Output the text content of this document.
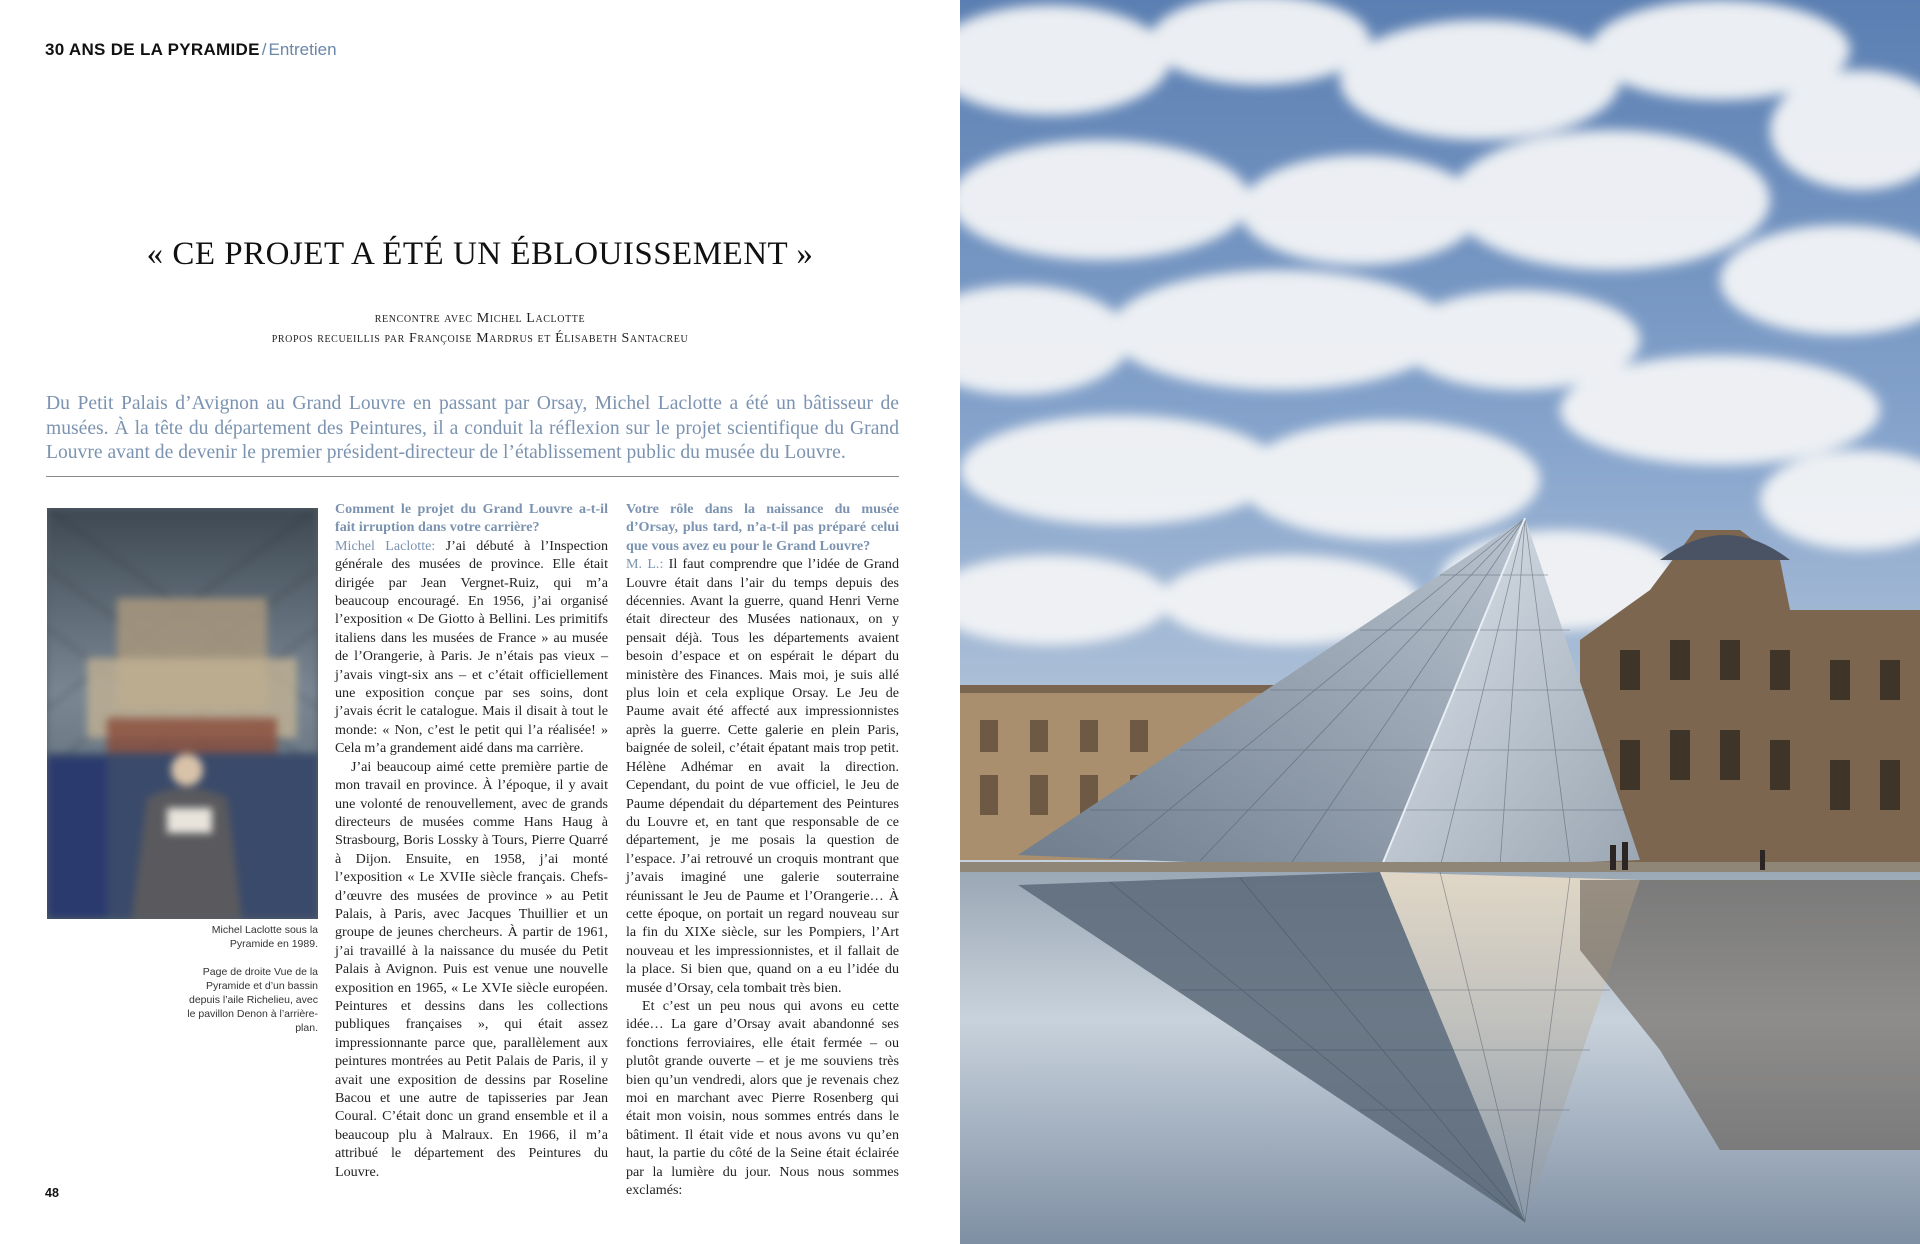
30 ANS DE LA PYRAMIDE / Entretien
« CE PROJET A ÉTÉ UN ÉBLOUISSEMENT »
rencontre avec Michel Laclotte
propos recueillis par Françoise Mardrus et Élisabeth Santacreu

Du Petit Palais d’Avignon au Grand Louvre en passant par Orsay, Michel Laclotte a été un bâtisseur de musées. À la tête du département des Peintures, il a conduit la réflexion sur le projet scientifique du Grand Louvre avant de devenir le premier président-directeur de l’établissement public du musée du Louvre.

Michel Laclotte sous la Pyramide en 1989.

Page de droite Vue de la Pyramide et d’un bassin depuis l’aile Richelieu, avec le pavillon Denon à l’arrière-plan.

Comment le projet du Grand Louvre a-t-il fait irruption dans votre carrière?
Michel Laclotte: J’ai débuté à l’Inspection générale des musées de province. Elle était dirigée par Jean Vergnet-Ruiz, qui m’a beaucoup encouragé. En 1956, j’ai organisé l’exposition « De Giotto à Bellini. Les primitifs italiens dans les musées de France » au musée de l’Orangerie, à Paris. Je n’étais pas vieux – j’avais vingt-six ans – et c’était officiellement une exposition conçue par ses soins, dont j’avais écrit le catalogue. Mais il disait à tout le monde: « Non, c’est le petit qui l’a réalisée! » Cela m’a grandement aidé dans ma carrière.

J’ai beaucoup aimé cette première partie de mon travail en province. À l’époque, il y avait une volonté de renouvellement, avec de grands directeurs de musées comme Hans Haug à Strasbourg, Boris Lossky à Tours, Pierre Quarré à Dijon. Ensuite, en 1958, j’ai monté l’exposition « Le XVIIe siècle français. Chefs-d’œuvre des musées de province » au Petit Palais, à Paris, avec Jacques Thuillier et un groupe de jeunes chercheurs. À partir de 1961, j’ai travaillé à la naissance du musée du Petit Palais à Avignon. Puis est venue une nouvelle exposition en 1965, « Le XVIe siècle européen. Peintures et dessins dans les collections publiques françaises », qui était assez impressionnante parce que, parallèlement aux peintures montrées au Petit Palais de Paris, il y avait une exposition de dessins par Roseline Bacou et une autre de tapisseries par Jean Coural. C’était donc un grand ensemble et il a beaucoup plu à Malraux. En 1966, il m’a attribué le département des Peintures du Louvre.

Votre rôle dans la naissance du musée d’Orsay, plus tard, n’a-t-il pas préparé celui que vous avez eu pour le Grand Louvre?
M. L.: Il faut comprendre que l’idée de Grand Louvre était dans l’air du temps depuis des décennies. Avant la guerre, quand Henri Verne était directeur des Musées nationaux, on y pensait déjà. Tous les départements avaient besoin d’espace et on espérait le départ du ministère des Finances. Mais moi, je suis allé plus loin et cela explique Orsay. Le Jeu de Paume avait été affecté aux impressionnistes après la guerre. Cette galerie en plein Paris, baignée de soleil, c’était épatant mais trop petit. Hélène Adhémar en avait la direction. Cependant, du point de vue officiel, le Jeu de Paume dépendait du département des Peintures du Louvre et, en tant que responsable de ce département, je me posais la question de l’espace. J’ai retrouvé un croquis montrant que j’avais imaginé une galerie souterraine réunissant le Jeu de Paume et l’Orangerie… À cette époque, on portait un regard nouveau sur la fin du XIXe siècle, sur les Pompiers, l’Art nouveau et les impressionnistes, et il fallait de la place. Si bien que, quand on a eu l’idée du musée d’Orsay, cela tombait très bien.

Et c’est un peu nous qui avons eu cette idée… La gare d’Orsay avait abandonné ses fonctions ferroviaires, elle était fermée – ou plutôt grande ouverte – et je me souviens très bien qu’un vendredi, alors que je revenais chez moi en marchant avec Pierre Rosenberg qui était mon voisin, nous sommes entrés dans le bâtiment. Il était vide et nous avons vu qu’en haut, la partie du côté de la Seine était éclairée par la lumière du jour. Nous nous sommes exclamés:

48
